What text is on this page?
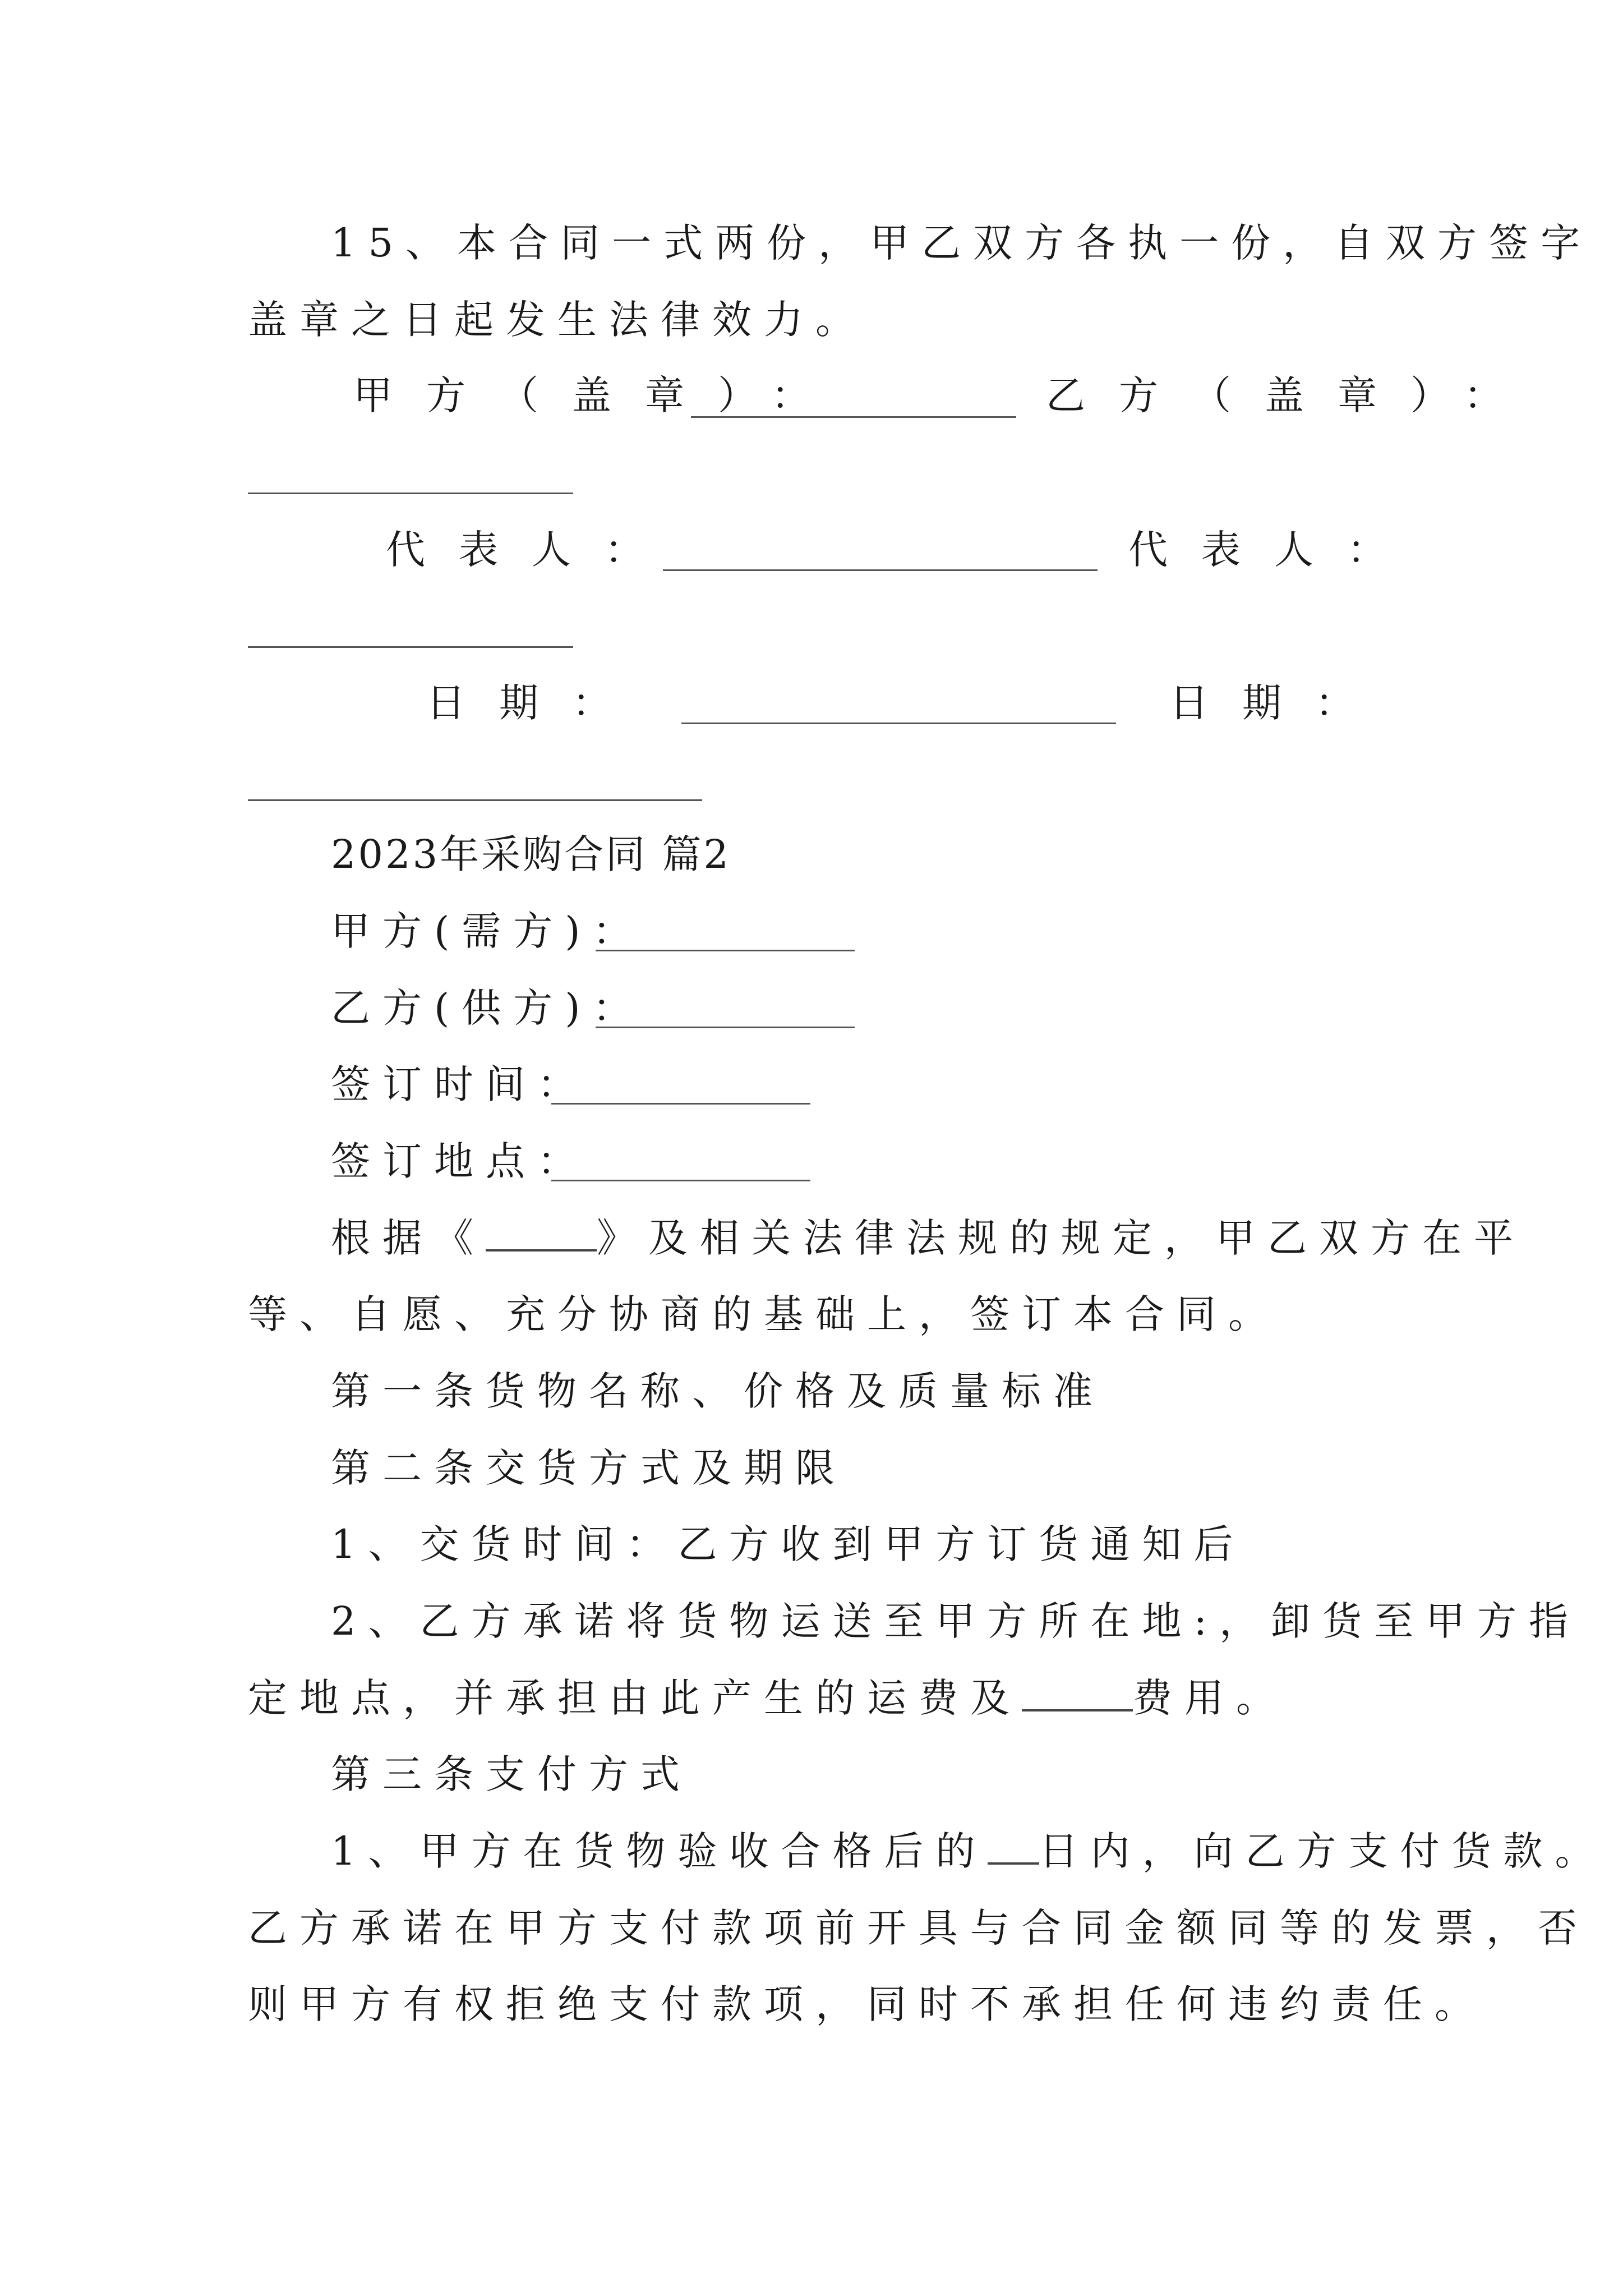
15、本合同一式两份，甲乙双方各执一份，自双方签字
盖章之日起发生法律效力。
甲方（盖章）：	乙方（盖章）：
代表人：	代表人：
日期：	日期：
2023年采购合同 篇2
甲方(需方)：
乙方(供方)：
签订时间：
签订地点：
根据《	》及相关法律法规的规定，甲乙双方在平
等、自愿、充分协商的基础上，签订本合同。
第一条货物名称、价格及质量标准
第二条交货方式及期限
1、交货时间：乙方收到甲方订货通知后
2、乙方承诺将货物运送至甲方所在地:，卸货至甲方指
定地点，并承担由此产生的运费及	费用。
第三条支付方式
1、甲方在货物验收合格后的 日内，向乙方支付货款。
乙方承诺在甲方支付款项前开具与合同金额同等的发票，否
则甲方有权拒绝支付款项，同时不承担任何违约责任。
